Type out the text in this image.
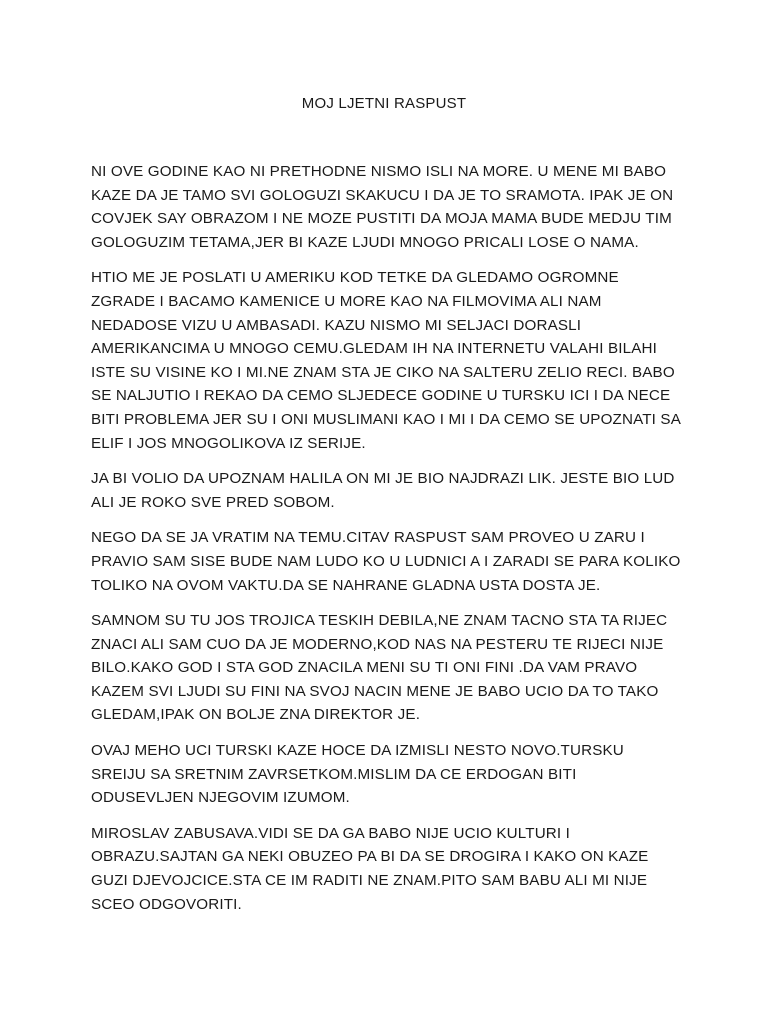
MOJ LJETNI RASPUST

NI OVE GODINE KAO NI PRETHODNE NISMO ISLI NA MORE. U MENE MI BABO KAZE DA JE TAMO SVI GOLOGUZI SKAKUCU I DA JE TO SRAMOTA. IPAK JE ON COVJEK SAY OBRAZOM I NE MOZE PUSTITI DA MOJA MAMA BUDE MEDJU TIM GOLOGUZIM TETAMA,JER BI KAZE LJUDI MNOGO PRICALI LOSE O NAMA.

HTIO ME JE POSLATI U AMERIKU KOD TETKE DA GLEDAMO OGROMNE ZGRADE I BACAMO KAMENICE U MORE KAO NA FILMOVIMA ALI NAM NEDADOSE VIZU U AMBASADI. KAZU NISMO MI SELJACI DORASLI AMERIKANCIMA U MNOGO CEMU.GLEDAM IH NA INTERNETU VALAHI BILAHI ISTE SU VISINE KO I MI.NE ZNAM STA JE CIKO NA SALTERU ZELIO RECI. BABO SE NALJUTIO I REKAO DA CEMO SLJEDECE GODINE U TURSKU ICI I DA NECE BITI PROBLEMA JER SU I ONI MUSLIMANI KAO I MI I DA CEMO SE UPOZNATI SA ELIF I JOS MNOGOLIKOVA IZ SERIJE.

JA BI VOLIO DA UPOZNAM HALILA ON MI JE BIO NAJDRAZI LIK. JESTE BIO LUD ALI JE ROKO SVE PRED SOBOM.

NEGO DA SE JA VRATIM NA TEMU.CITAV RASPUST SAM PROVEO U ZARU I PRAVIO SAM SISE BUDE NAM LUDO KO U LUDNICI A I ZARADI SE PARA KOLIKO TOLIKO NA OVOM VAKTU.DA SE NAHRANE GLADNA USTA DOSTA JE.

SAMNOM SU TU JOS TROJICA TESKIH DEBILA,NE ZNAM TACNO STA TA RIJEC ZNACI ALI SAM CUO DA JE MODERNO,KOD NAS NA PESTERU TE RIJECI NIJE BILO.KAKO GOD I STA GOD ZNACILA MENI SU TI ONI FINI .DA VAM PRAVO KAZEM SVI LJUDI SU FINI NA SVOJ NACIN MENE JE BABO UCIO DA TO TAKO GLEDAM,IPAK ON BOLJE ZNA DIREKTOR JE.

OVAJ MEHO UCI TURSKI KAZE HOCE DA IZMISLI NESTO NOVO.TURSKU SREIJU SA SRETNIM ZAVRSETKOM.MISLIM DA CE ERDOGAN BITI ODUSEVLJEN NJEGOVIM IZUMOM.

MIROSLAV ZABUSAVA.VIDI SE DA GA BABO NIJE UCIO KULTURI I OBRAZU.SAJTAN GA NEKI OBUZEO PA BI DA SE DROGIRA I KAKO ON KAZE GUZI DJEVOJCICE.STA CE IM RADITI NE ZNAM.PITO SAM BABU ALI MI NIJE SCEO ODGOVORITI.
